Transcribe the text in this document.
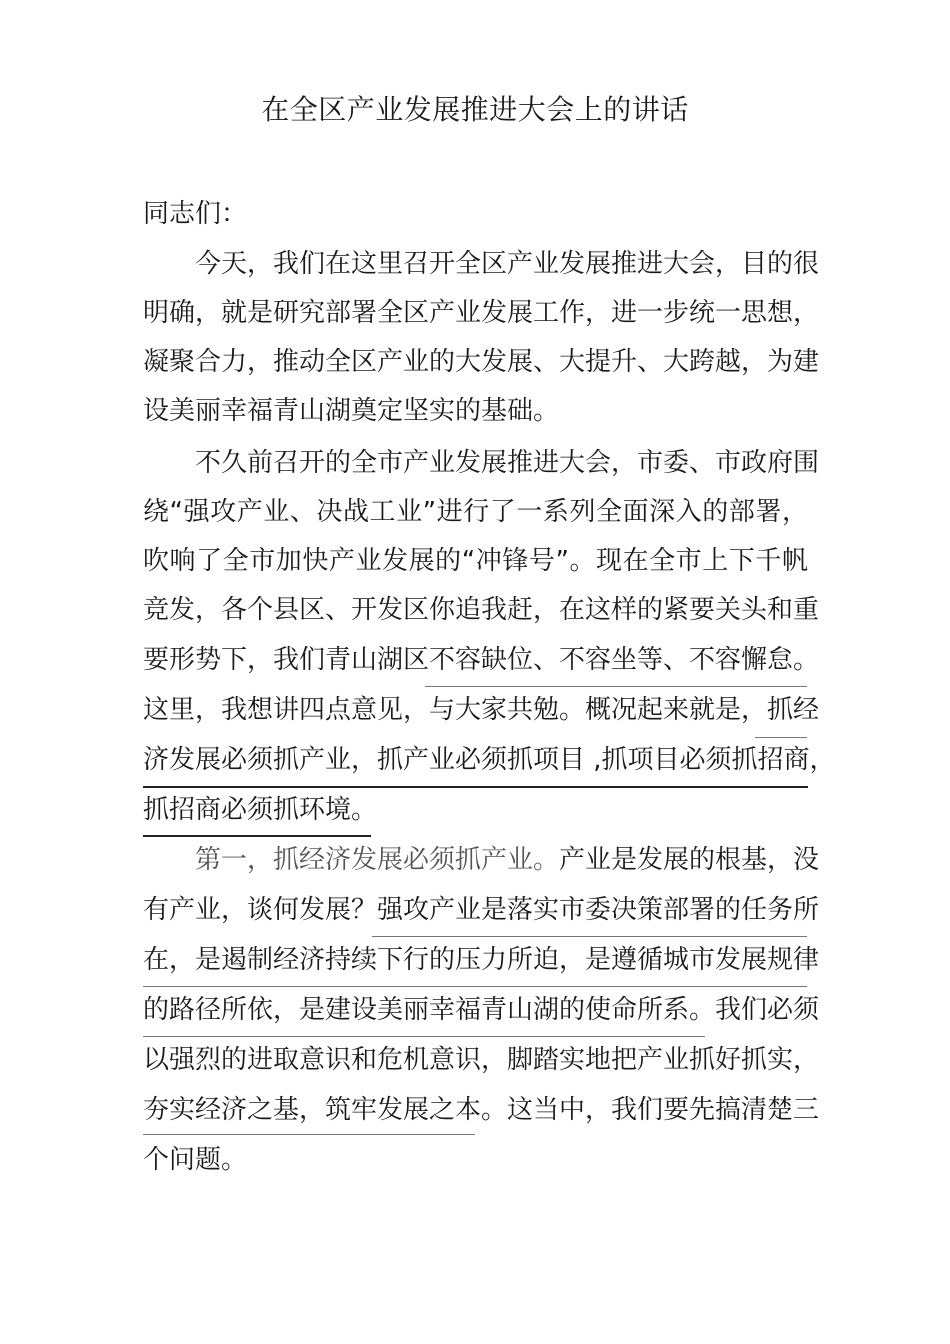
在全区产业发展推进大会上的讲话
同志们：
今天，我们在这里召开全区产业发展推进大会，目的很
明确，就是研究部署全区产业发展工作，进一步统一思想，
凝聚合力，推动全区产业的大发展、大提升、大跨越，为建
设美丽幸福青山湖奠定坚实的基础。
不久前召开的全市产业发展推进大会，市委、市政府围
绕“强攻产业、决战工业”进行了一系列全面深入的部署，
吹响了全市加快产业发展的“冲锋号”。现在全市上下千帆
竞发，各个县区、开发区你追我赶，在这样的紧要关头和重
要形势下，我们青山湖区不容缺位、不容坐等、不容懈怠。
这里，我想讲四点意见，与大家共勉。概况起来就是，抓经
济发展必须抓产业，抓产业必须抓项目 ,抓项目必须抓招商，
抓招商必须抓环境。
第一，抓经济发展必须抓产业。 产业是发展的根基，没
有产业，谈何发展？强攻产业是落实市委决策部署的任务所
在，是遏制经济持续下行的压力所迫，是遵循城市发展规律
的路径所依，是建设美丽幸福青山湖的使命所系。我们必须
以强烈的进取意识和危机意识，脚踏实地把产业抓好抓实，
夯实经济之基，筑牢发展之本。这当中，我们要先搞清楚三
个问题。
